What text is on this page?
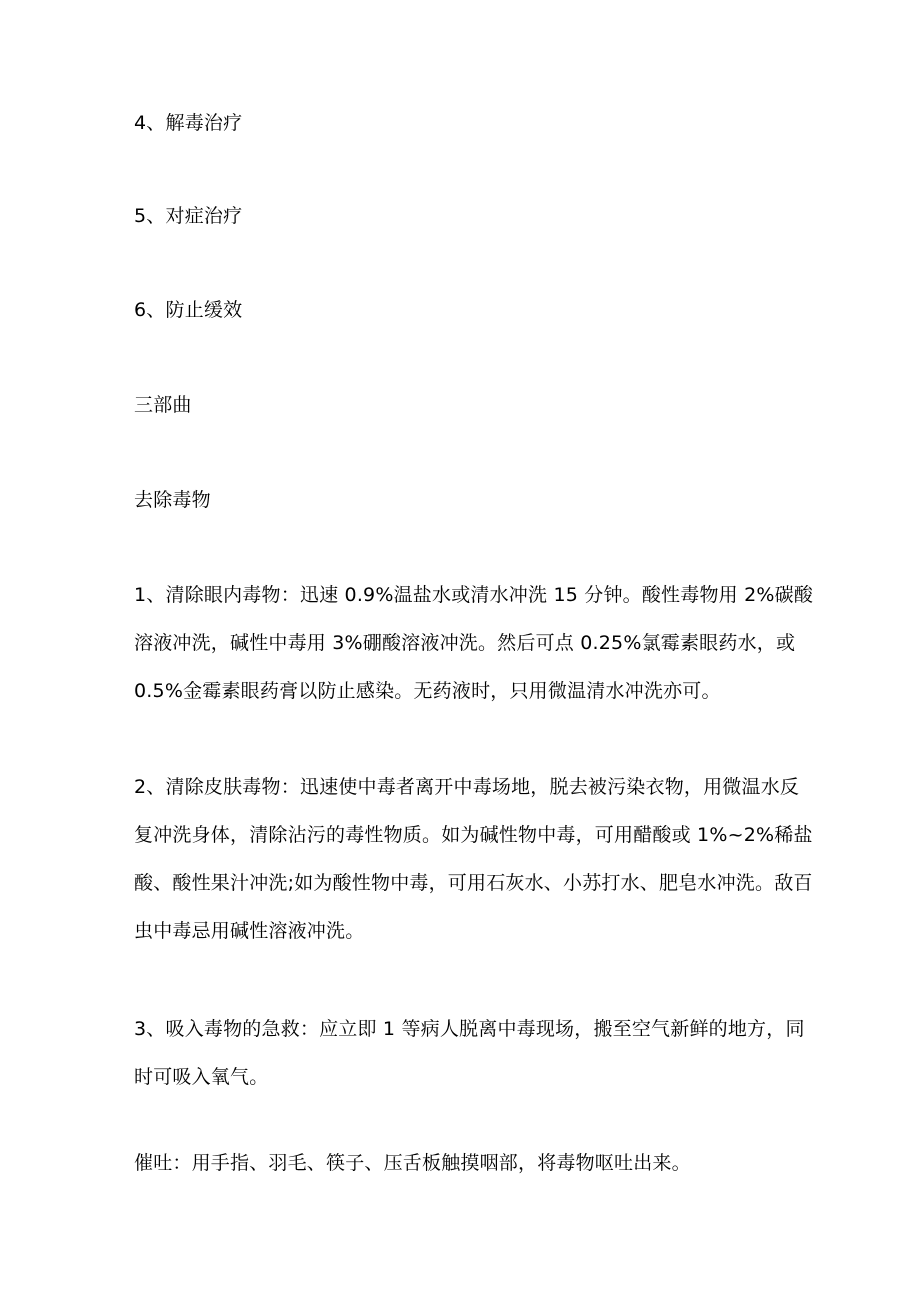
4、解毒治疗
5、对症治疗
6、防止缓效
三部曲
去除毒物
1、清除眼内毒物：迅速 0.9%温盐水或清水冲洗 15 分钟。酸性毒物用 2%碳酸
溶液冲洗，碱性中毒用 3%硼酸溶液冲洗。然后可点 0.25%氯霉素眼药水，或
0.5%金霉素眼药膏以防止感染。无药液时，只用微温清水冲洗亦可。
2、清除皮肤毒物：迅速使中毒者离开中毒场地，脱去被污染衣物，用微温水反
复冲洗身体，清除沾污的毒性物质。如为碱性物中毒，可用醋酸或 1%~2%稀盐
酸、酸性果汁冲洗;如为酸性物中毒，可用石灰水、小苏打水、肥皂水冲洗。敌百
虫中毒忌用碱性溶液冲洗。
3、吸入毒物的急救：应立即 1 等病人脱离中毒现场，搬至空气新鲜的地方，同
时可吸入氧气。
催吐：用手指、羽毛、筷子、压舌板触摸咽部，将毒物呕吐出来。
